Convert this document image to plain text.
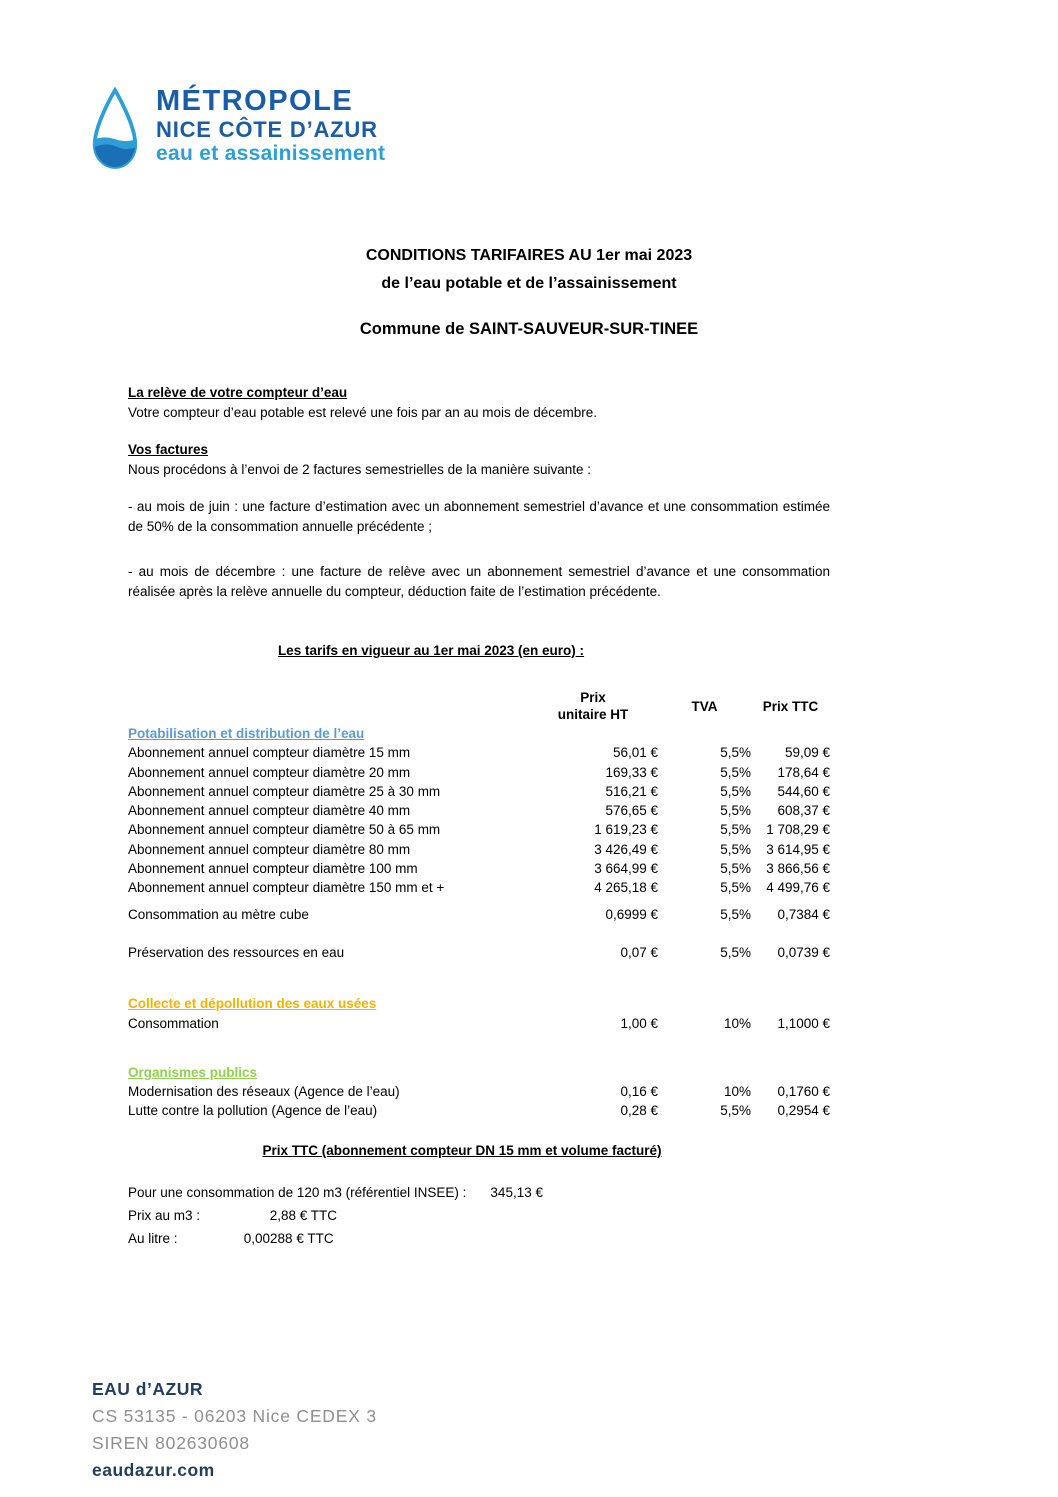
MÉTROPOLE
NICE CÔTE D’AZUR
eau et assainissement
CONDITIONS TARIFAIRES AU 1er mai 2023
de l’eau potable et de l’assainissement
Commune de SAINT-SAUVEUR-SUR-TINEE
La relève de votre compteur d’eau
Votre compteur d’eau potable est relevé une fois par an au mois de décembre.
Vos factures
Nous procédons à l’envoi de 2 factures semestrielles de la manière suivante :
- au mois de juin : une facture d’estimation avec un abonnement semestriel d’avance et une consommation estimée de 50% de la consommation annuelle précédente ;
- au mois de décembre : une facture de relève avec un abonnement semestriel d’avance et une consommation réalisée après la relève annuelle du compteur, déduction faite de l’estimation précédente.
Les tarifs en vigueur au 1er mai 2023 (en euro) :
Prix
unitaire HT
TVA	Prix TTC
Potabilisation et distribution de l’eau
Abonnement annuel compteur diamètre 15 mm	56,01 €	5,5%	59,09 €
Abonnement annuel compteur diamètre 20 mm	169,33 €	5,5%	178,64 €
Abonnement annuel compteur diamètre 25 à 30 mm	516,21 €	5,5%	544,60 €
Abonnement annuel compteur diamètre 40 mm	576,65 €	5,5%	608,37 €
Abonnement annuel compteur diamètre 50 à 65 mm	1 619,23 €	5,5%	1 708,29 €
Abonnement annuel compteur diamètre 80 mm	3 426,49 €	5,5%	3 614,95 €
Abonnement annuel compteur diamètre 100 mm	3 664,99 €	5,5%	3 866,56 €
Abonnement annuel compteur diamètre 150 mm et +	4 265,18 €	5,5%	4 499,76 €
Consommation au mètre cube	0,6999 €	5,5%	0,7384 €
Préservation des ressources en eau	0,07 €	5,5%	0,0739 €
Collecte et dépollution des eaux usées
Consommation	1,00 €	10%	1,1000 €
Organismes publics
Modernisation des réseaux (Agence de l’eau)	0,16 €	10%	0,1760 €
Lutte contre la pollution (Agence de l’eau)	0,28 €	5,5%	0,2954 €
Prix TTC (abonnement compteur DN 15 mm et volume facturé)
Pour une consommation de 120 m3 (référentiel INSEE) : 345,13 €
Prix au m3 :	2,88 € TTC
Au litre :	0,00288 € TTC
EAU d’AZUR
CS 53135 - 06203 Nice CEDEX 3
SIREN 802630608
eaudazur.com
